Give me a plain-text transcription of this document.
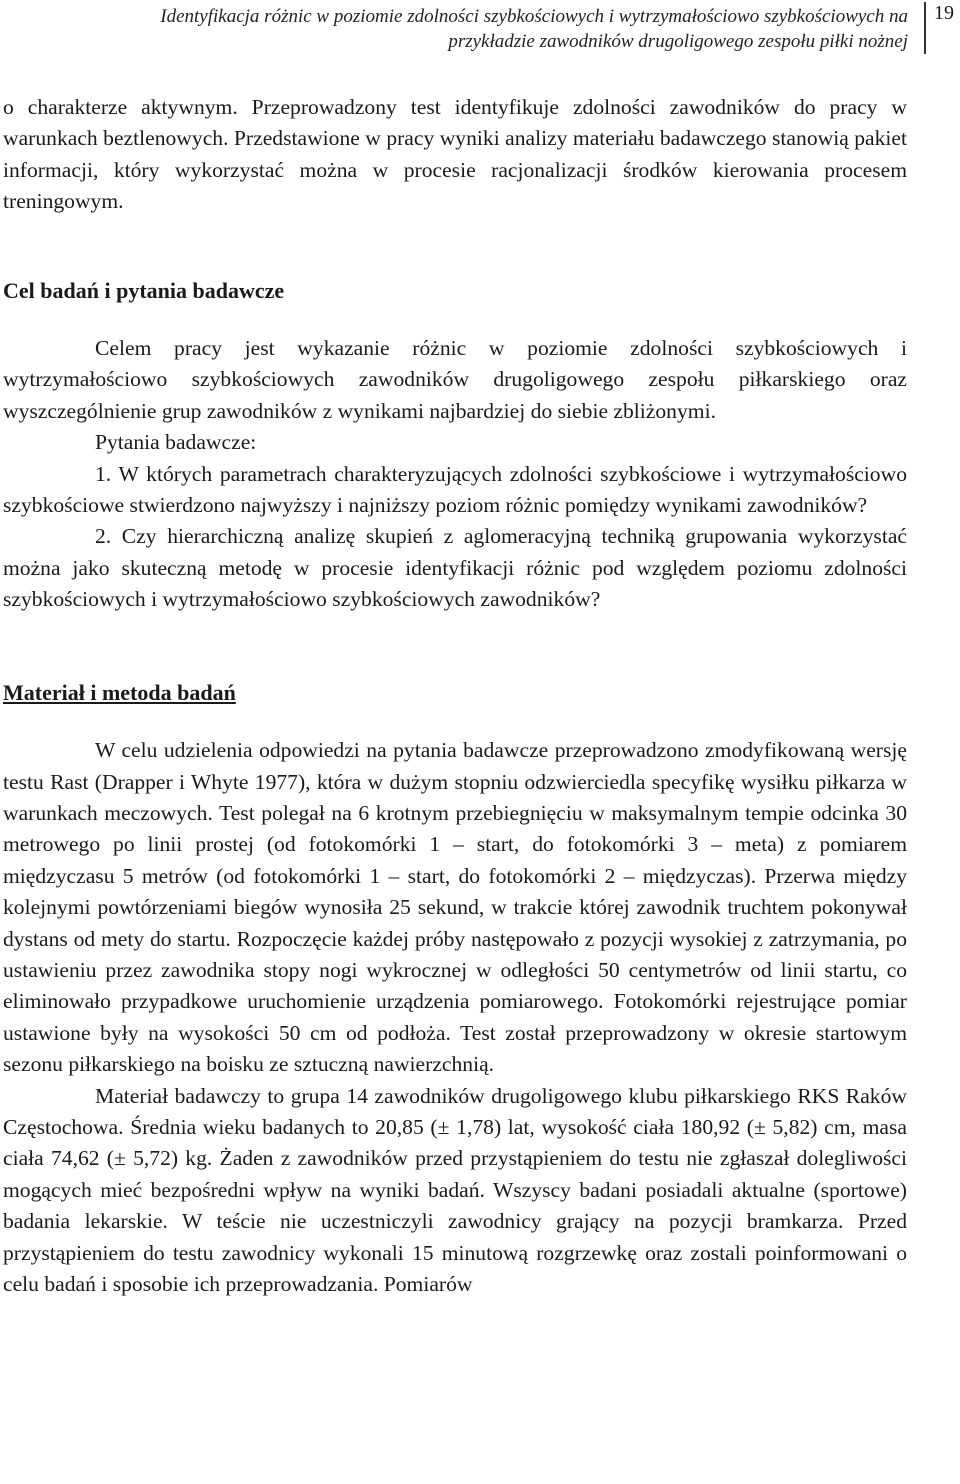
Identyfikacja różnic w poziomie zdolności szybkościowych i wytrzymałościowo szybkościowych na
przykładzie zawodników drugoligowego zespołu piłki nożnej
19

o charakterze aktywnym. Przeprowadzony test identyfikuje zdolności zawodników do pracy w warunkach beztlenowych. Przedstawione w pracy wyniki analizy materiału badawczego stanowią pakiet informacji, który wykorzystać można w procesie racjonalizacji środków kierowania procesem treningowym.

Cel badań i pytania badawcze

Celem pracy jest wykazanie różnic w poziomie zdolności szybkościowych i wytrzymałościowo szybkościowych zawodników drugoligowego zespołu piłkarskiego oraz wyszczególnienie grup zawodników z wynikami najbardziej do siebie zbliżonymi.

Pytania badawcze:

1. W których parametrach charakteryzujących zdolności szybkościowe i wytrzymałościowo szybkościowe stwierdzono najwyższy i najniższy poziom różnic pomiędzy wynikami zawodników?

2. Czy hierarchiczną analizę skupień z aglomeracyjną techniką grupowania wykorzystać można jako skuteczną metodę w procesie identyfikacji różnic pod względem poziomu zdolności szybkościowych i wytrzymałościowo szybkościowych zawodników?

Materiał i metoda badań

W celu udzielenia odpowiedzi na pytania badawcze przeprowadzono zmodyfikowaną wersję testu Rast (Drapper i Whyte 1977), która w dużym stopniu odzwierciedla specyfikę wysiłku piłkarza w warunkach meczowych. Test polegał na 6 krotnym przebiegnięciu w maksymalnym tempie odcinka 30 metrowego po linii prostej (od fotokomórki 1 – start, do fotokomórki 3 – meta) z pomiarem międzyczasu 5 metrów (od fotokomórki 1 – start, do fotokomórki 2 – międzyczas). Przerwa między kolejnymi powtórzeniami biegów wynosiła 25 sekund, w trakcie której zawodnik truchtem pokonywał dystans od mety do startu. Rozpoczęcie każdej próby następowało z pozycji wysokiej z zatrzymania, po ustawieniu przez zawodnika stopy nogi wykrocznej w odległości 50 centymetrów od linii startu, co eliminowało przypadkowe uruchomienie urządzenia pomiarowego. Fotokomórki rejestrujące pomiar ustawione były na wysokości 50 cm od podłoża. Test został przeprowadzony w okresie startowym sezonu piłkarskiego na boisku ze sztuczną nawierzchnią.

Materiał badawczy to grupa 14 zawodników drugoligowego klubu piłkarskiego RKS Raków Częstochowa. Średnia wieku badanych to 20,85 (± 1,78) lat, wysokość ciała 180,92 (± 5,82) cm, masa ciała 74,62 (± 5,72) kg. Żaden z zawodników przed przystąpieniem do testu nie zgłaszał dolegliwości mogących mieć bezpośredni wpływ na wyniki badań. Wszyscy badani posiadali aktualne (sportowe) badania lekarskie. W teście nie uczestniczyli zawodnicy grający na pozycji bramkarza. Przed przystąpieniem do testu zawodnicy wykonali 15 minutową rozgrzewkę oraz zostali poinformowani o celu badań i sposobie ich przeprowadzania. Pomiarów
